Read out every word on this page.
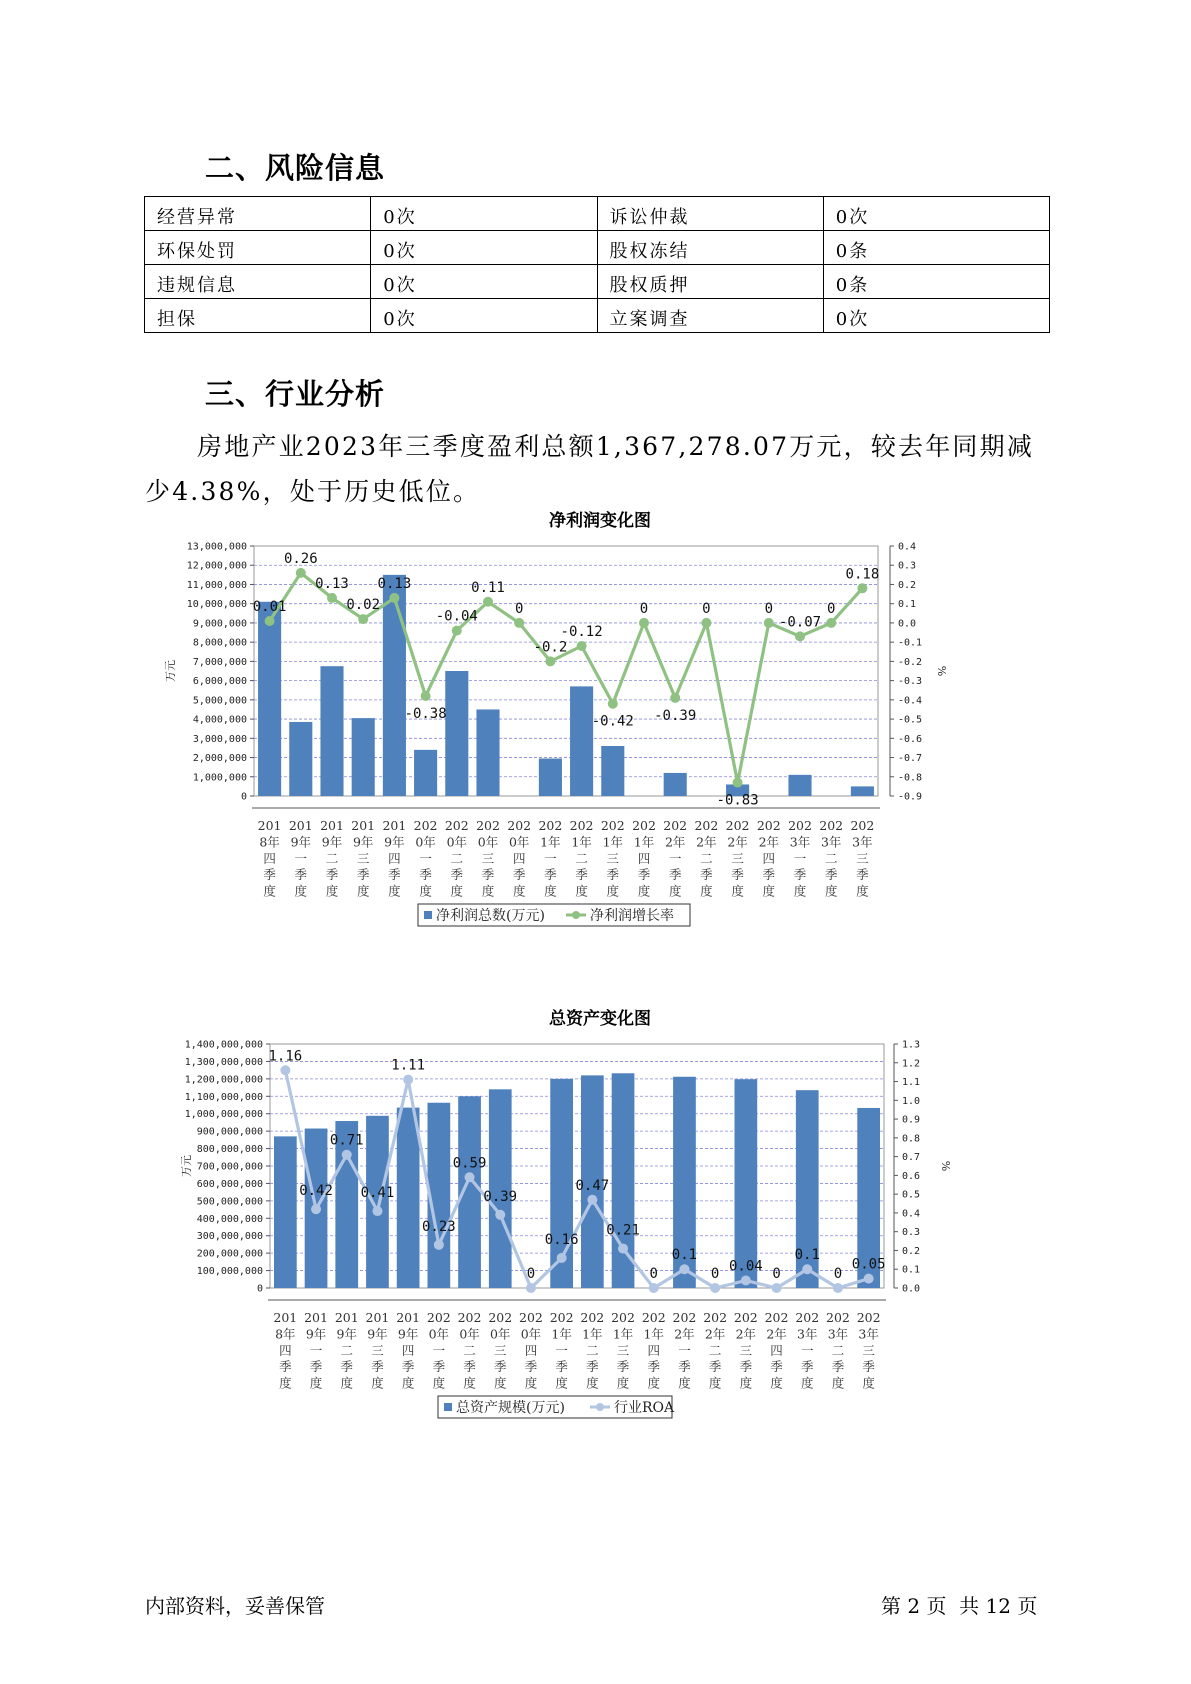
二、风险信息
经营异常	0次	诉讼仲裁	0次
环保处罚	0次	股权冻结	0条
违规信息	0次	股权质押	0条
担保	0次	立案调查	0次
三、行业分析

房地产业2023年三季度盈利总额1,367,278.07万元，较去年同期减少4.38%，处于历史低位。

0
1,000,000
2,000,000
3,000,000
4,000,000
5,000,000
6,000,000
7,000,000
8,000,000
9,000,000
10,000,000
11,000,000
12,000,000
13,000,000
-0.9
-0.8
-0.7
-0.6
-0.5
-0.4
-0.3
-0.2
-0.1
0.0
0.1
0.2
0.3
0.4
万元	%
201
8年
四
季
度
201
9年
一
季
度
201
9年
二
季
度
201
9年
三
季
度
201
9年
四
季
度
202
0年
一
季
度
202
0年
二
季
度
202
0年
三
季
度
202
0年
四
季
度
202
1年
一
季
度
202
1年
二
季
度
202
1年
三
季
度
202
1年
四
季
度
202
2年
一
季
度
202
2年
二
季
度
202
2年
三
季
度
202
2年
四
季
度
202
3年
一
季
度
202
3年
二
季
度
202
3年
三
季
度
0.01
0.26
0.13
0.02
0.13
-0.38
-0.04
0.11
0
-0.2
-0.12
-0.42
0
-0.39
0
-0.83
0
-0.07
0
0.18
净利润总数(万元)	净利润增长率
净利润变化图
0
100,000,000
200,000,000
300,000,000
400,000,000
500,000,000
600,000,000
700,000,000
800,000,000
900,000,000
1,000,000,000
1,100,000,000
1,200,000,000
1,300,000,000
1,400,000,000
0.0
0.1
0.2
0.3
0.4
0.5
0.6
0.7
0.8
0.9
1.0
1.1
1.2
1.3
万元	%
201
8年
四
季
度
201
9年
一
季
度
201
9年
二
季
度
201
9年
三
季
度
201
9年
四
季
度
202
0年
一
季
度
202
0年
二
季
度
202
0年
三
季
度
202
0年
四
季
度
202
1年
一
季
度
202
1年
二
季
度
202
1年
三
季
度
202
1年
四
季
度
202
2年
一
季
度
202
2年
二
季
度
202
2年
三
季
度
202
2年
四
季
度
202
3年
一
季
度
202
3年
二
季
度
202
3年
三
季
度
1.16
0.42
0.71
0.41
1.11
0.23
0.59
0.39
0
0.16
0.47
0.21
0
0.1
0 0.04 0
0.1
0
0.05
总资产规模(万元)	行业ROA
总资产变化图
内部资料，妥善保管	第 2 页  共 12 页
